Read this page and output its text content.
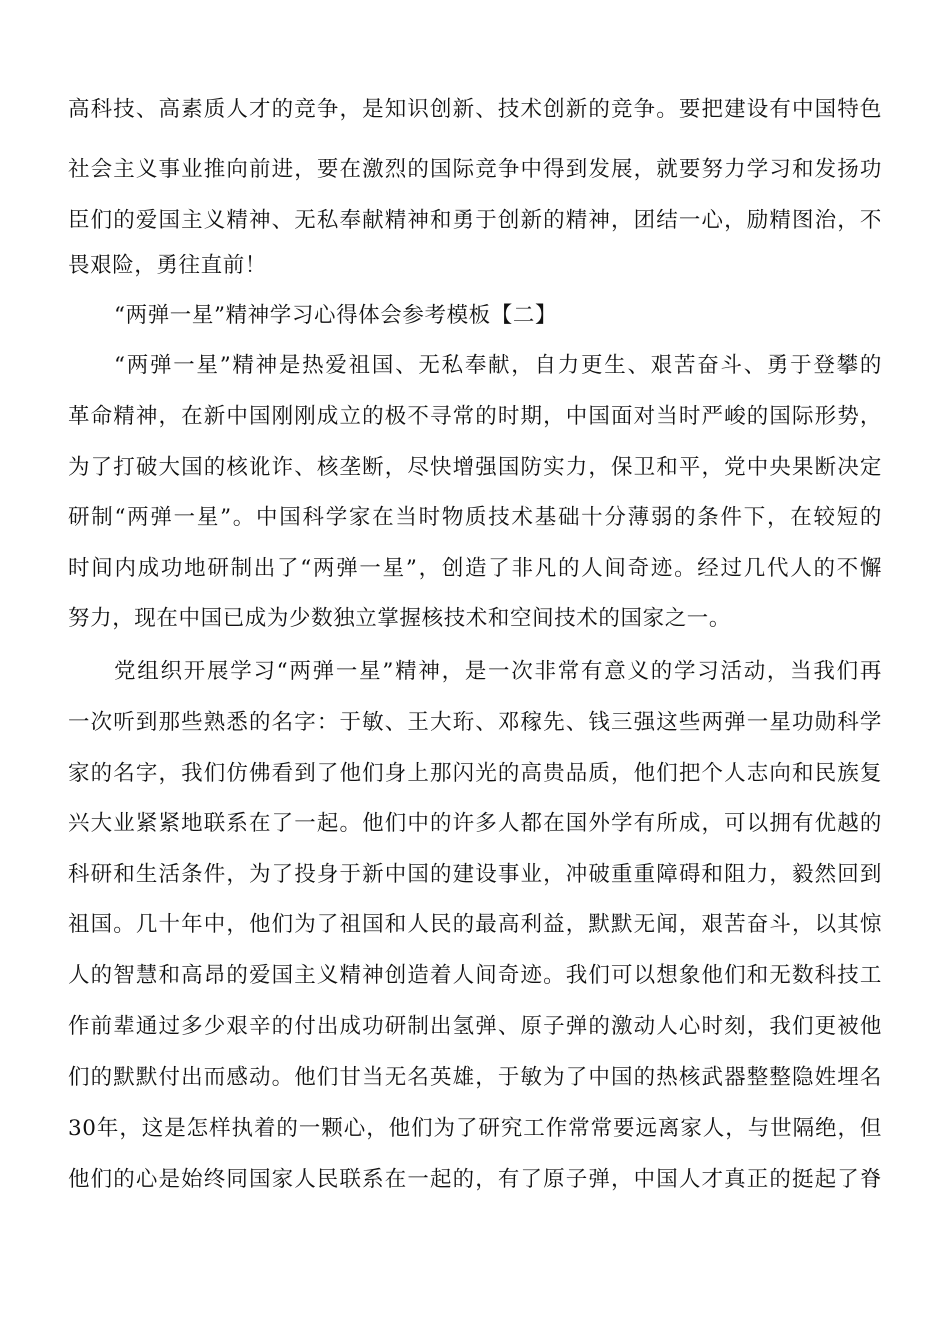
高科技、高素质人才的竞争，是知识创新、技术创新的竞争。要把建设有中国特色
社会主义事业推向前进，要在激烈的国际竞争中得到发展，就要努力学习和发扬功
臣们的爱国主义精神、无私奉献精神和勇于创新的精神，团结一心，励精图治，不
畏艰险，勇往直前！
“两弹一星”精神学习心得体会参考模板【二】
“两弹一星”精神是热爱祖国、无私奉献，自力更生、艰苦奋斗、勇于登攀的
革命精神，在新中国刚刚成立的极不寻常的时期，中国面对当时严峻的国际形势，
为了打破大国的核讹诈、核垄断，尽快增强国防实力，保卫和平，党中央果断决定
研制“两弹一星”。中国科学家在当时物质技术基础十分薄弱的条件下，在较短的
时间内成功地研制出了“两弹一星”，创造了非凡的人间奇迹。经过几代人的不懈
努力，现在中国已成为少数独立掌握核技术和空间技术的国家之一。
党组织开展学习“两弹一星”精神，是一次非常有意义的学习活动，当我们再
一次听到那些熟悉的名字：于敏、王大珩、邓稼先、钱三强这些两弹一星功勋科学
家的名字，我们仿佛看到了他们身上那闪光的高贵品质，他们把个人志向和民族复
兴大业紧紧地联系在了一起。他们中的许多人都在国外学有所成，可以拥有优越的
科研和生活条件，为了投身于新中国的建设事业，冲破重重障碍和阻力，毅然回到
祖国。几十年中，他们为了祖国和人民的最高利益，默默无闻，艰苦奋斗，以其惊
人的智慧和高昂的爱国主义精神创造着人间奇迹。我们可以想象他们和无数科技工
作前辈通过多少艰辛的付出成功研制出氢弹、原子弹的激动人心时刻，我们更被他
们的默默付出而感动。他们甘当无名英雄，于敏为了中国的热核武器整整隐姓埋名
30年，这是怎样执着的一颗心，他们为了研究工作常常要远离家人，与世隔绝，但
他们的心是始终同国家人民联系在一起的，有了原子弹，中国人才真正的挺起了脊
